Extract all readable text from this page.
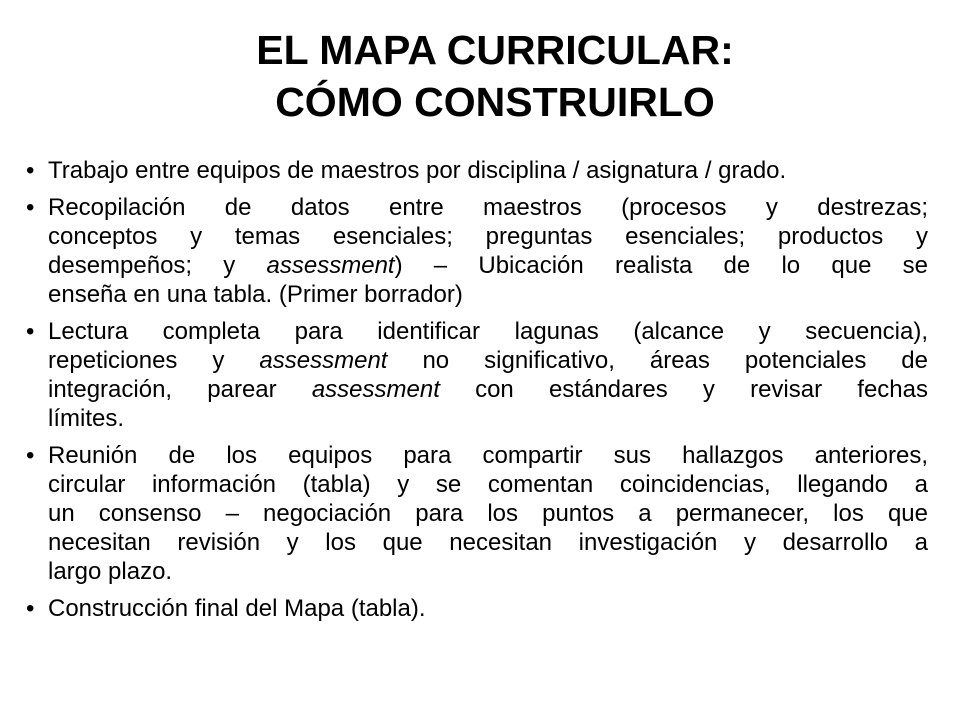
EL MAPA CURRICULAR:
CÓMO CONSTRUIRLO
• Trabajo entre equipos de maestros por disciplina / asignatura / grado.
• Recopilación de datos entre maestros (procesos y destrezas;
conceptos y temas esenciales; preguntas esenciales; productos y
desempeños; y assessment) – Ubicación realista de lo que se
enseña en una tabla. (Primer borrador)
• Lectura completa para identificar lagunas (alcance y secuencia),
repeticiones y assessment no significativo, áreas potenciales de
integración, parear assessment con estándares y revisar fechas
límites.
• Reunión de los equipos para compartir sus hallazgos anteriores,
circular información (tabla) y se comentan coincidencias, llegando a
un consenso – negociación para los puntos a permanecer, los que
necesitan revisión y los que necesitan investigación y desarrollo a
largo plazo.
• Construcción final del Mapa (tabla).
